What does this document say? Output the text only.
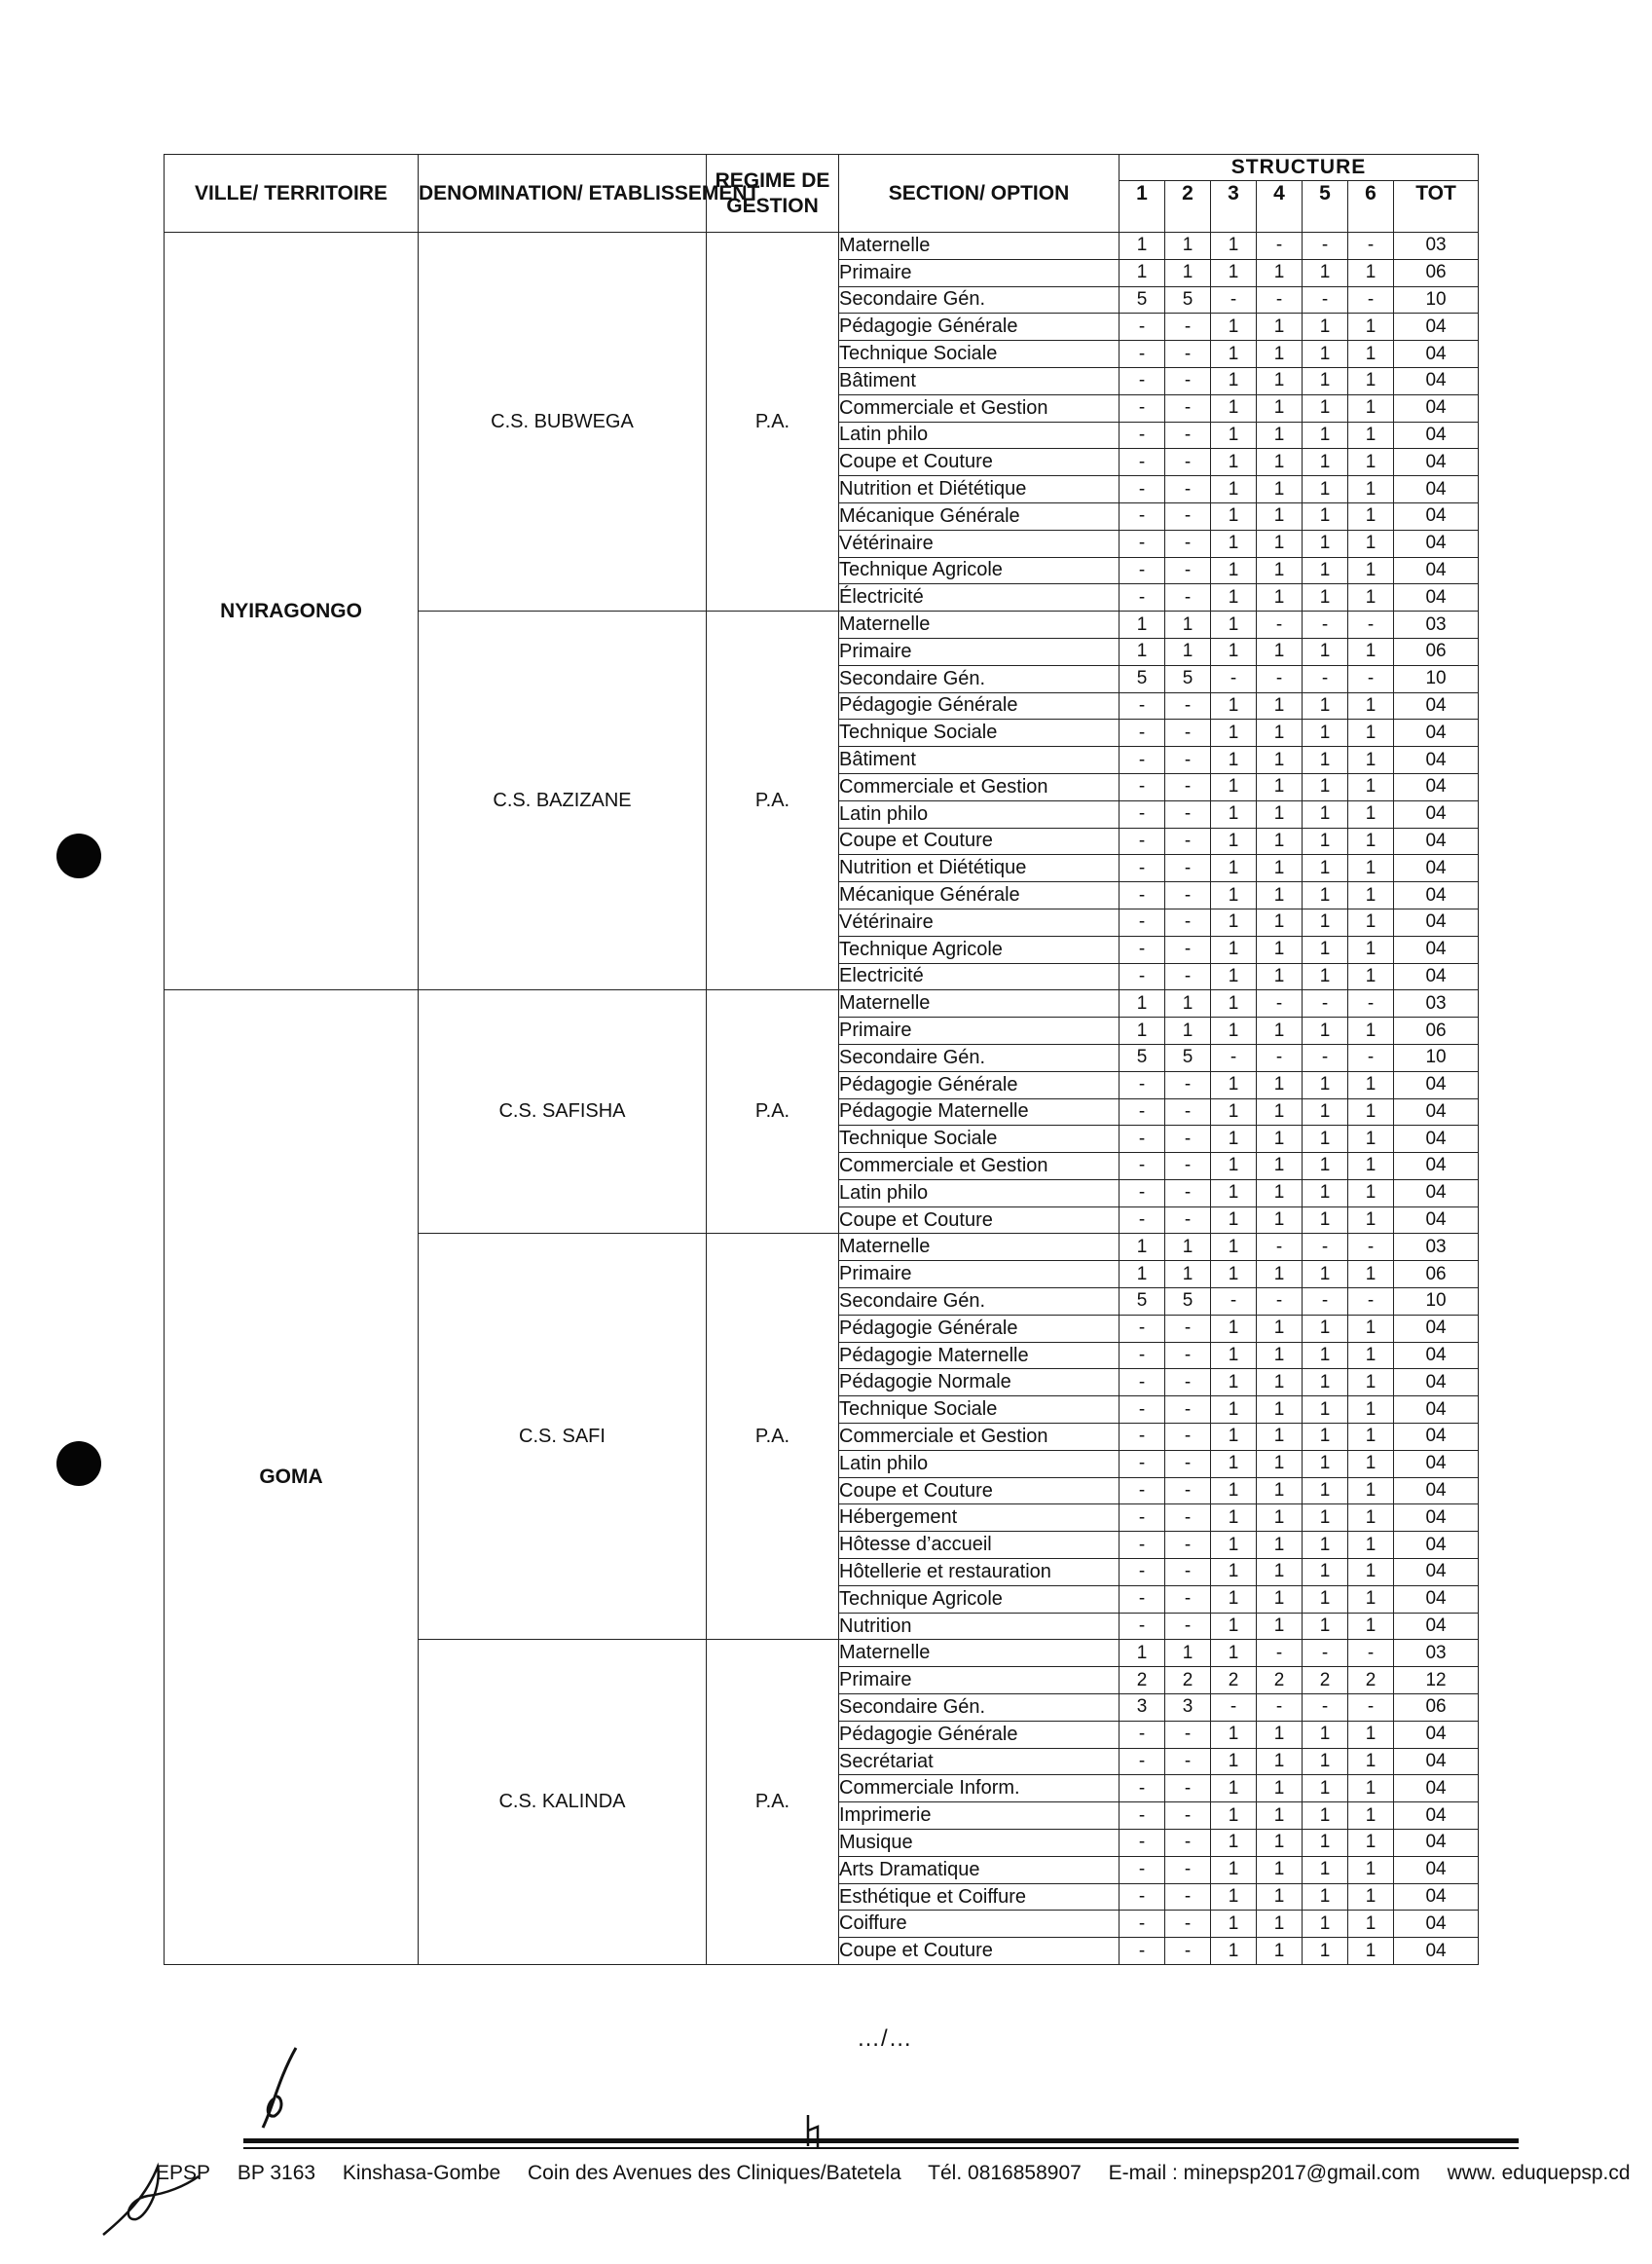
VILLE/ TERRITOIRE	DENOMINATION/ ETABLISSEMENT	REGIME DE GESTION	SECTION/ OPTION	STRUCTURE						
				1	2	3	4	5	6	TOT
NYIRAGONGO	C.S. BUBWEGA	P.A.	Maternelle	1	1	1	-	-	-	03
			Primaire	1	1	1	1	1	1	06
			Secondaire Gén.	5	5	-	-	-	-	10
			Pédagogie Générale	-	-	1	1	1	1	04
			Technique Sociale	-	-	1	1	1	1	04
			Bâtiment	-	-	1	1	1	1	04
			Commerciale et Gestion	-	-	1	1	1	1	04
			Latin philo	-	-	1	1	1	1	04
			Coupe et Couture	-	-	1	1	1	1	04
			Nutrition et Diététique	-	-	1	1	1	1	04
			Mécanique Générale	-	-	1	1	1	1	04
			Vétérinaire	-	-	1	1	1	1	04
			Technique Agricole	-	-	1	1	1	1	04
			Électricité	-	-	1	1	1	1	04
	C.S. BAZIZANE	P.A.	Maternelle	1	1	1	-	-	-	03
			Primaire	1	1	1	1	1	1	06
			Secondaire Gén.	5	5	-	-	-	-	10
			Pédagogie Générale	-	-	1	1	1	1	04
			Technique Sociale	-	-	1	1	1	1	04
			Bâtiment	-	-	1	1	1	1	04
			Commerciale et Gestion	-	-	1	1	1	1	04
			Latin philo	-	-	1	1	1	1	04
			Coupe et Couture	-	-	1	1	1	1	04
			Nutrition et Diététique	-	-	1	1	1	1	04
			Mécanique Générale	-	-	1	1	1	1	04
			Vétérinaire	-	-	1	1	1	1	04
			Technique Agricole	-	-	1	1	1	1	04
			Electricité	-	-	1	1	1	1	04
GOMA	C.S. SAFISHA	P.A.	Maternelle	1	1	1	-	-	-	03
			Primaire	1	1	1	1	1	1	06
			Secondaire Gén.	5	5	-	-	-	-	10
			Pédagogie Générale	-	-	1	1	1	1	04
			Pédagogie Maternelle	-	-	1	1	1	1	04
			Technique Sociale	-	-	1	1	1	1	04
			Commerciale et Gestion	-	-	1	1	1	1	04
			Latin philo	-	-	1	1	1	1	04
			Coupe et Couture	-	-	1	1	1	1	04
	C.S. SAFI	P.A.	Maternelle	1	1	1	-	-	-	03
			Primaire	1	1	1	1	1	1	06
			Secondaire Gén.	5	5	-	-	-	-	10
			Pédagogie Générale	-	-	1	1	1	1	04
			Pédagogie Maternelle	-	-	1	1	1	1	04
			Pédagogie Normale	-	-	1	1	1	1	04
			Technique Sociale	-	-	1	1	1	1	04
			Commerciale et Gestion	-	-	1	1	1	1	04
			Latin philo	-	-	1	1	1	1	04
			Coupe et Couture	-	-	1	1	1	1	04
			Hébergement	-	-	1	1	1	1	04
			Hôtesse d’accueil	-	-	1	1	1	1	04
			Hôtellerie et restauration	-	-	1	1	1	1	04
			Technique Agricole	-	-	1	1	1	1	04
			Nutrition	-	-	1	1	1	1	04
	C.S. KALINDA	P.A.	Maternelle	1	1	1	-	-	-	03
			Primaire	2	2	2	2	2	2	12
			Secondaire Gén.	3	3	-	-	-	-	06
			Pédagogie Générale	-	-	1	1	1	1	04
			Secrétariat	-	-	1	1	1	1	04
			Commerciale Inform.	-	-	1	1	1	1	04
			Imprimerie	-	-	1	1	1	1	04
			Musique	-	-	1	1	1	1	04
			Arts Dramatique	-	-	1	1	1	1	04
			Esthétique et Coiffure	-	-	1	1	1	1	04
			Coiffure	-	-	1	1	1	1	04
			Coupe et Couture	-	-	1	1	1	1	04
…/…
EPSP BP 3163 Kinshasa-Gombe Coin des Avenues des Cliniques/Batetela Tél. 0816858907 E-mail : minepsp2017@gmail.com www. eduquepsp.cd
